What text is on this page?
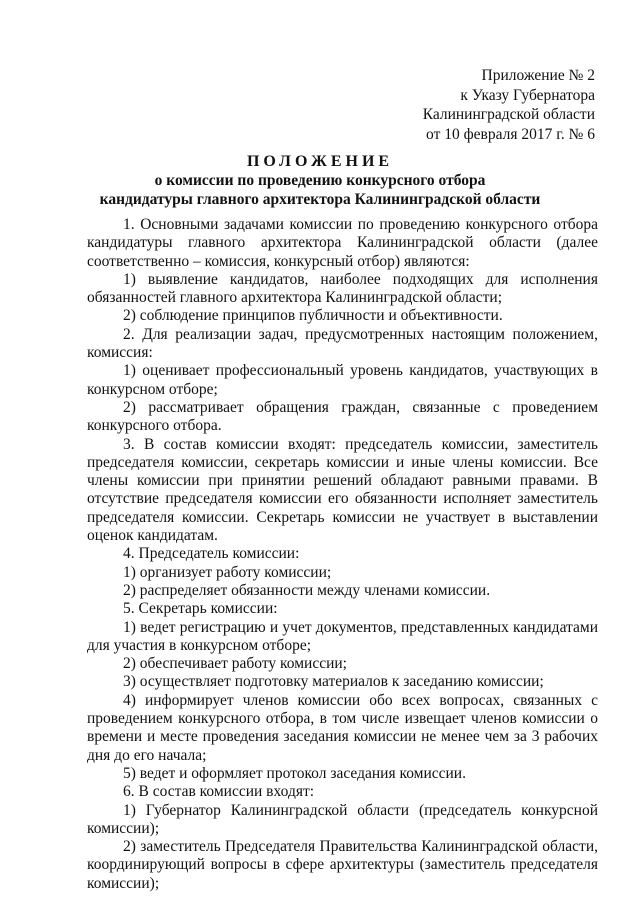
Приложение № 2
к Указу Губернатора
Калининградской области
от 10 февраля 2017 г. № 6
ПОЛОЖЕНИЕ
о комиссии по проведению конкурсного отбора
кандидатуры главного архитектора Калининградской области

1. Основными задачами комиссии по проведению конкурсного отбора кандидатуры главного архитектора Калининградской области (далее соответственно – комиссия, конкурсный отбор) являются:

1) выявление кандидатов, наиболее подходящих для исполнения обязанностей главного архитектора Калининградской области;

2) соблюдение принципов публичности и объективности.

2. Для реализации задач, предусмотренных настоящим положением, комиссия:

1) оценивает профессиональный уровень кандидатов, участвующих в конкурсном отборе;

2) рассматривает обращения граждан, связанные с проведением конкурсного отбора.

3. В состав комиссии входят: председатель комиссии, заместитель председателя комиссии, секретарь комиссии и иные члены комиссии. Все члены комиссии при принятии решений обладают равными правами. В отсутствие председателя комиссии его обязанности исполняет заместитель председателя комиссии. Секретарь комиссии не участвует в выставлении оценок кандидатам.

4. Председатель комиссии:

1) организует работу комиссии;

2) распределяет обязанности между членами комиссии.

5. Секретарь комиссии:

1) ведет регистрацию и учет документов, представленных кандидатами для участия в конкурсном отборе;

2) обеспечивает работу комиссии;

3) осуществляет подготовку материалов к заседанию комиссии;

4) информирует членов комиссии обо всех вопросах, связанных с проведением конкурсного отбора, в том числе извещает членов комиссии о времени и месте проведения заседания комиссии не менее чем за 3 рабочих дня до его начала;

5) ведет и оформляет протокол заседания комиссии.

6. В состав комиссии входят:

1) Губернатор Калининградской области (председатель конкурсной комиссии);

2) заместитель Председателя Правительства Калининградской области, координирующий вопросы в сфере архитектуры (заместитель председателя комиссии);
